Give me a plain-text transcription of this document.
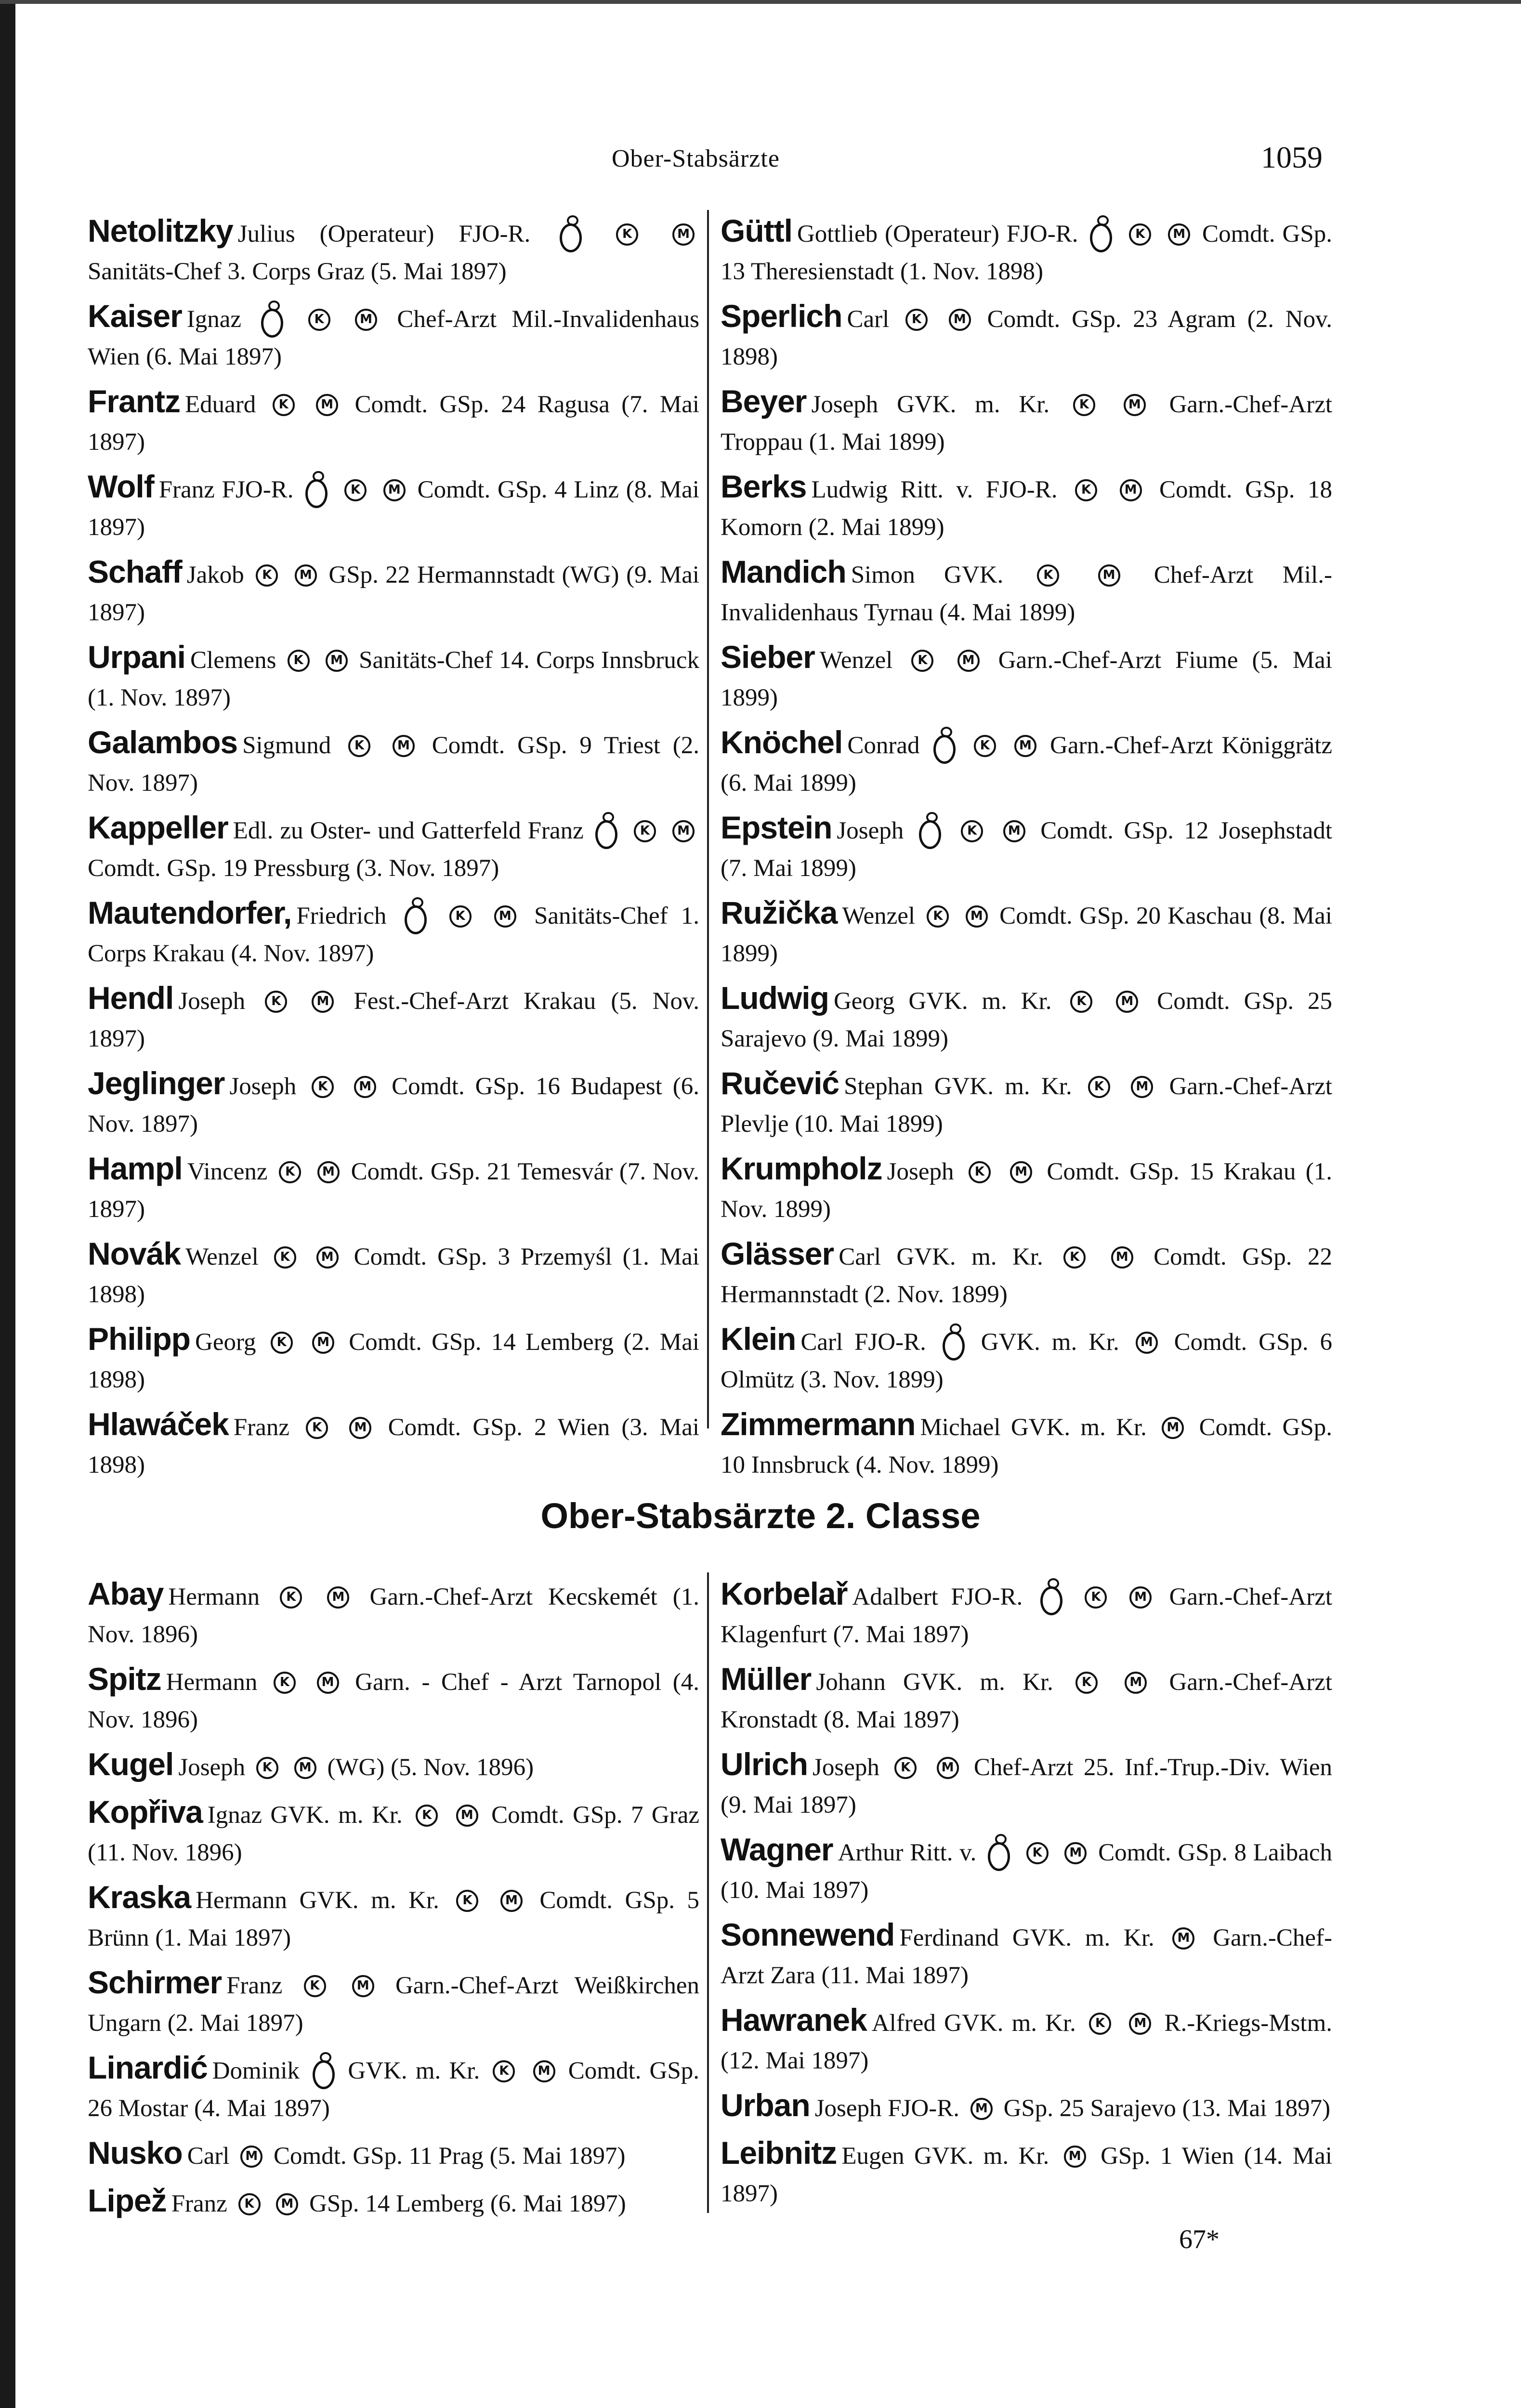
Ober-Stabsärzte	1059
Netolitzky Julius (Operateur) FJO-R.  K M Sanitäts-Chef 3. Corps Graz (5. Mai 1897)
Kaiser Ignaz K M	Chef-Arzt Mil.-Invalidenhaus Wien (6. Mai 1897)
Frantz Eduard K M	Comdt. GSp. 24 Ragusa (7. Mai 1897)
Wolf Franz FJO-R. K M	Comdt. GSp. 4 Linz (8. Mai 1897)
Schaff Jakob K M	GSp. 22 Hermannstadt (WG) (9. Mai 1897)
Urpani Clemens K M	Sanitäts-Chef 14. Corps Innsbruck (1. Nov. 1897)
Galambos Sigmund K M	Comdt. GSp. 9 Triest (2. Nov. 1897)
Kappeller Edl. zu Oster- und Gatterfeld Franz  K M Comdt. GSp. 19 Pressburg (3. Nov. 1897)
Mautendorfer, Friedrich K M	Sanitäts-Chef 1. Corps Krakau (4. Nov. 1897)
Hendl Joseph K M	Fest.-Chef-Arzt Krakau (5. Nov. 1897)
Jeglinger Joseph K M	Comdt. GSp. 16 Budapest (6. Nov. 1897)
Hampl Vincenz K M	Comdt. GSp. 21 Temesvár (7. Nov. 1897)
Novák Wenzel K M	Comdt. GSp. 3 Przemyśl (1. Mai 1898)
Philipp Georg K M	Comdt. GSp. 14 Lemberg (2. Mai 1898)
Hlawáček Franz K M	Comdt. GSp. 2 Wien (3. Mai 1898)
Güttl Gottlieb (Operateur) FJO-R. K M	Comdt. GSp. 13 Theresienstadt (1. Nov. 1898)
Sperlich Carl K M	Comdt. GSp. 23 Agram (2. Nov. 1898)
Beyer Joseph GVK. m. Kr. K M	Garn.-Chef-Arzt Troppau (1. Mai 1899)
Berks Ludwig Ritt. v. FJO-R. K M	Comdt. GSp. 18 Komorn (2. Mai 1899)
Mandich Simon GVK. K M	Chef-Arzt Mil.-Invalidenhaus Tyrnau (4. Mai 1899)
Sieber Wenzel K M	Garn.-Chef-Arzt Fiume (5. Mai 1899)
Knöchel Conrad K M	Garn.-Chef-Arzt Königgrätz (6. Mai 1899)
Epstein Joseph K M	Comdt. GSp. 12 Josephstadt (7. Mai 1899)
Ružička Wenzel K M	Comdt. GSp. 20 Kaschau (8. Mai 1899)
Ludwig Georg GVK. m. Kr. K M	Comdt. GSp. 25 Sarajevo (9. Mai 1899)
Ručević Stephan GVK. m. Kr. K M	Garn.-Chef-Arzt Plevlje (10. Mai 1899)
Krumpholz Joseph K M	Comdt. GSp. 15 Krakau (1. Nov. 1899)
Glässer Carl GVK. m. Kr. K M	Comdt. GSp. 22 Hermannstadt (2. Nov. 1899)
Klein Carl FJO-R.  GVK. m. Kr. M Comdt. GSp. 6 Olmütz (3. Nov. 1899)
Zimmermann Michael GVK. m. Kr. M Comdt. GSp. 10 Innsbruck (4. Nov. 1899)
Ober-Stabsärzte 2. Classe
Abay Hermann K M	Garn.-Chef-Arzt Kecskemét (1. Nov. 1896)
Spitz Hermann K M	Garn. - Chef - Arzt Tarnopol (4. Nov. 1896)
Kugel Joseph K M	(WG) (5. Nov. 1896)
Kopřiva Ignaz GVK. m. Kr. K M	Comdt. GSp. 7 Graz (11. Nov. 1896)
Kraska Hermann GVK. m. Kr. K M	Comdt. GSp. 5 Brünn (1. Mai 1897)
Schirmer Franz K M	Garn.-Chef-Arzt Weißkirchen Ungarn (2. Mai 1897)
Linardić Dominik  GVK. m. Kr. K M	Comdt. GSp. 26 Mostar (4. Mai 1897)
Nusko Carl M Comdt. GSp. 11 Prag (5. Mai 1897)
Lipež Franz K M	GSp. 14 Lemberg (6. Mai 1897)
Korbelař Adalbert FJO-R. K M	Garn.-Chef-Arzt Klagenfurt (7. Mai 1897)
Müller Johann GVK. m. Kr. K M	Garn.-Chef-Arzt Kronstadt (8. Mai 1897)
Ulrich Joseph K M	Chef-Arzt 25. Inf.-Trup.-Div. Wien (9. Mai 1897)
Wagner Arthur Ritt. v. K M	Comdt. GSp. 8 Laibach (10. Mai 1897)
Sonnewend Ferdinand GVK. m. Kr. M Garn.-Chef-Arzt Zara (11. Mai 1897)
Hawranek Alfred GVK. m. Kr. K M	R.-Kriegs-Mstm. (12. Mai 1897)
Urban Joseph FJO-R. M GSp. 25 Sarajevo (13. Mai 1897)
Leibnitz Eugen GVK. m. Kr. M GSp. 1 Wien (14. Mai 1897)
67*
